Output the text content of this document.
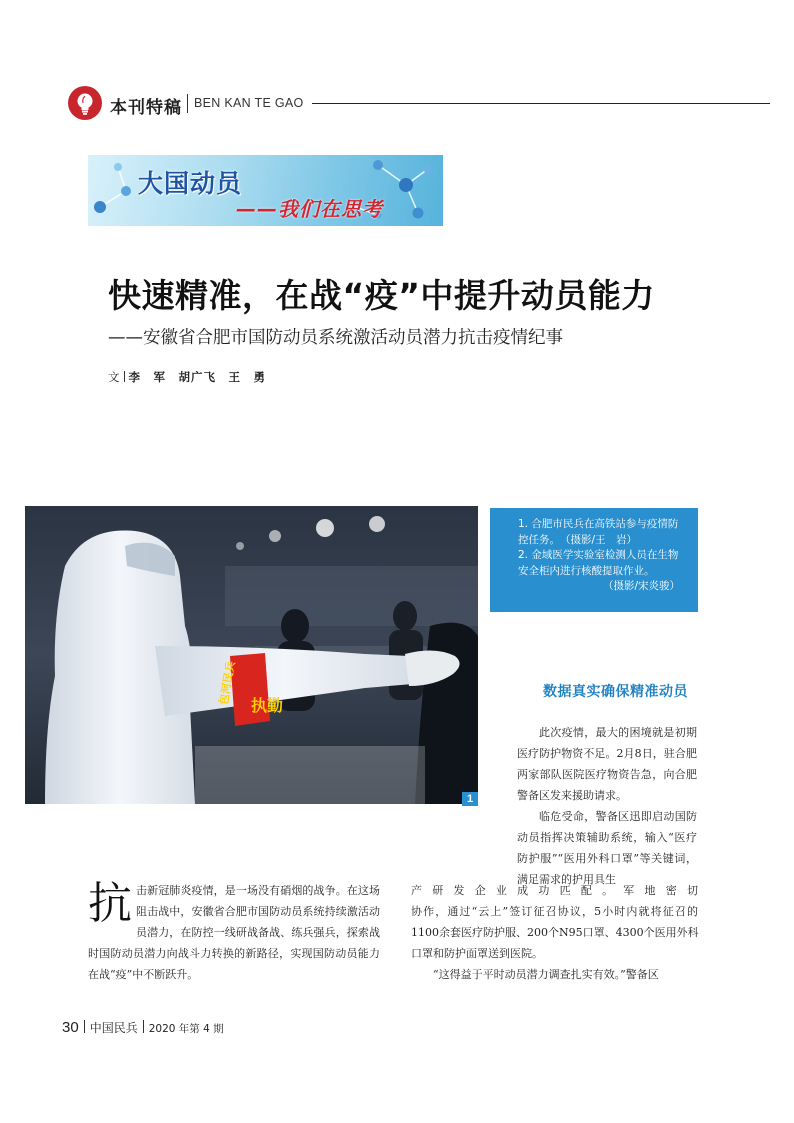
本刊特稿 BEN KAN TE GAO
大国动员
——我们在思考
快速精准，在战“疫”中提升动员能力
——安徽省合肥市国防动员系统激活动员潜力抗击疫情纪事
文 李　军　胡广飞　王　勇
包河民兵 执勤
1

1. 合肥市民兵在高铁站参与疫情防控任务。　（摄影/王　岩）

2. 金域医学实验室检测人员在生物安全柜内进行核酸提取作业。

（摄影/宋炎骏）

数据真实确保精准动员

此次疫情，最大的困境就是初期医疗防护物资不足。2月8日，驻合肥两家部队医院医疗物资告急，向合肥警备区发来援助请求。

临危受命，警备区迅即启动国防动员指挥决策辅助系统，输入“医疗防护服”“医用外科口罩”等关键词，满足需求的护用具生

产研发企业成功匹配。军地密切
协作，通过“云上”签订征召协议，5小时内就将征召的
1100余套医疗防护服、200个N95口罩、4300个医用外科
口罩和防护面罩送到医院。
“这得益于平时动员潜力调查扎实有效。”警备区
抗 击新冠肺炎疫情，是一场没有硝烟的战争。在这场阻击战中，安徽省合肥市国防动员系统持续激活动员潜力，在防控一线研战备战、练兵强兵，探索战时国防动员潜力向战斗力转换的新路径，实现国防动员能力在战“疫”中不断跃升。

30 中国民兵 2020 年第 4 期
